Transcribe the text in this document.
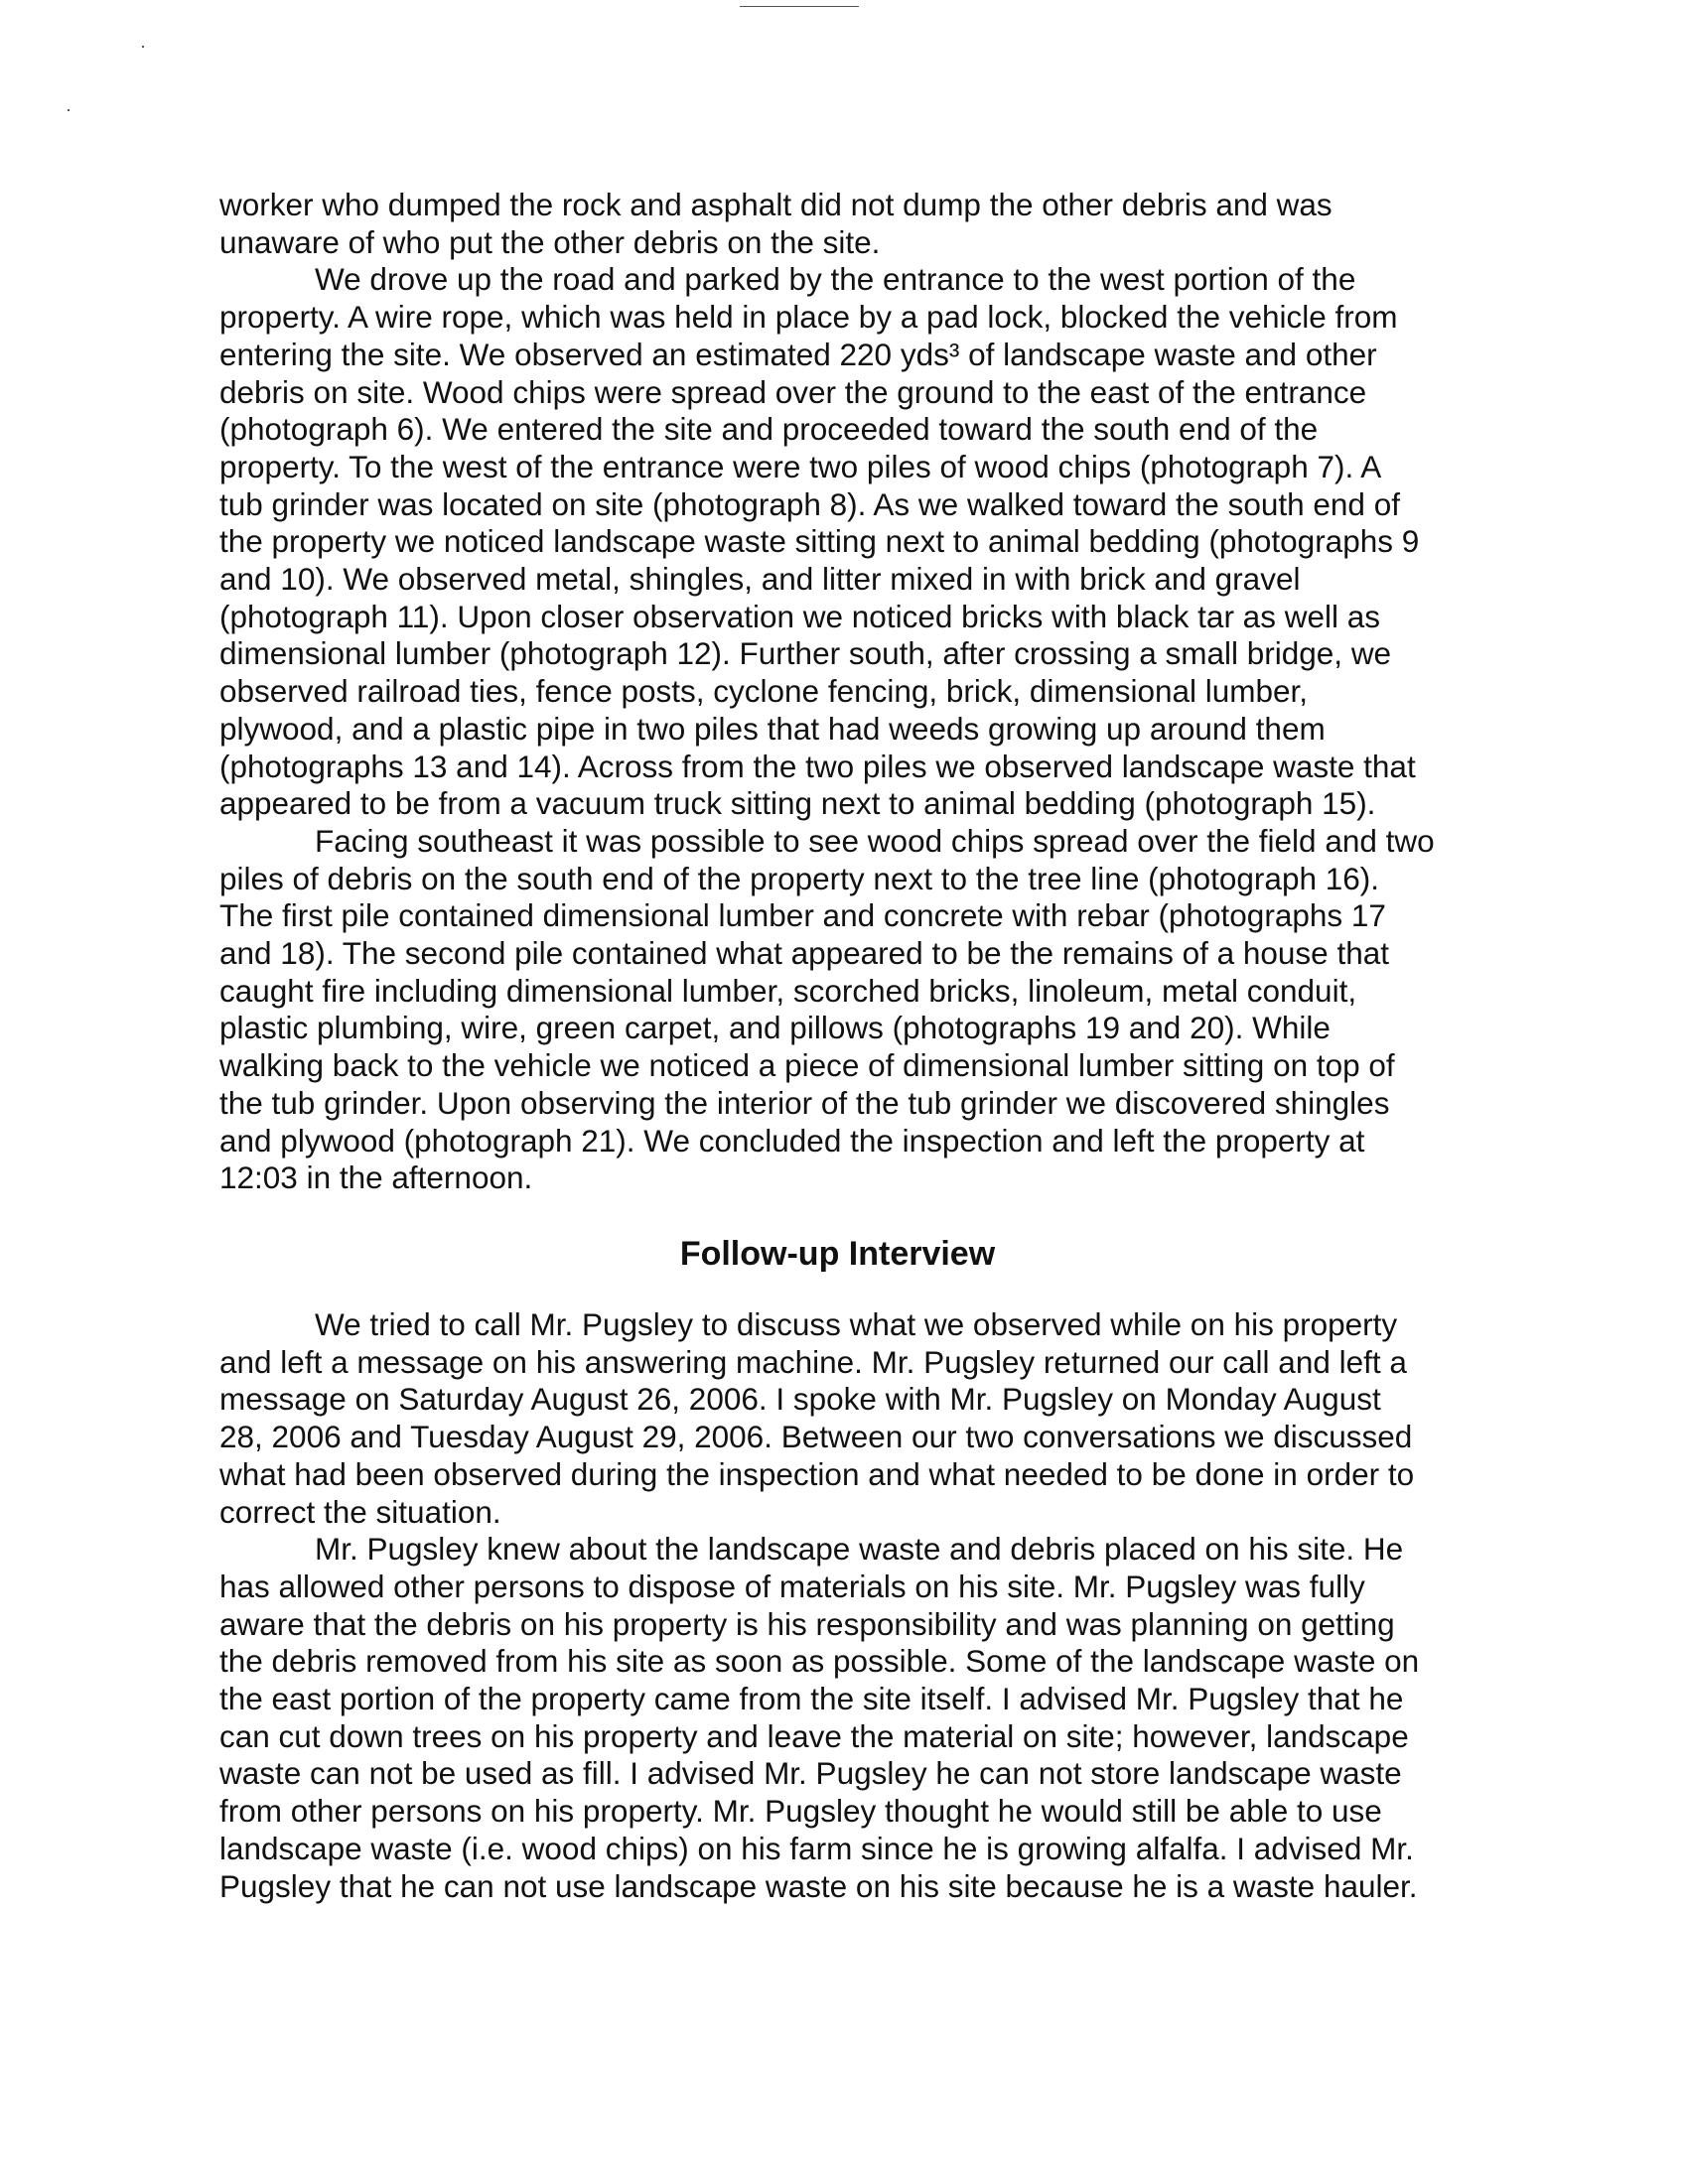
worker who dumped the rock and asphalt did not dump the other debris and was
unaware of who put the other debris on the site.

We drove up the road and parked by the entrance to the west portion of the
property. A wire rope, which was held in place by a pad lock, blocked the vehicle from
entering the site. We observed an estimated 220 yds³ of landscape waste and other
debris on site. Wood chips were spread over the ground to the east of the entrance
(photograph 6). We entered the site and proceeded toward the south end of the
property. To the west of the entrance were two piles of wood chips (photograph 7). A
tub grinder was located on site (photograph 8). As we walked toward the south end of
the property we noticed landscape waste sitting next to animal bedding (photographs 9
and 10). We observed metal, shingles, and litter mixed in with brick and gravel
(photograph 11). Upon closer observation we noticed bricks with black tar as well as
dimensional lumber (photograph 12). Further south, after crossing a small bridge, we
observed railroad ties, fence posts, cyclone fencing, brick, dimensional lumber,
plywood, and a plastic pipe in two piles that had weeds growing up around them
(photographs 13 and 14). Across from the two piles we observed landscape waste that
appeared to be from a vacuum truck sitting next to animal bedding (photograph 15).

Facing southeast it was possible to see wood chips spread over the field and two
piles of debris on the south end of the property next to the tree line (photograph 16).
The first pile contained dimensional lumber and concrete with rebar (photographs 17
and 18). The second pile contained what appeared to be the remains of a house that
caught fire including dimensional lumber, scorched bricks, linoleum, metal conduit,
plastic plumbing, wire, green carpet, and pillows (photographs 19 and 20). While
walking back to the vehicle we noticed a piece of dimensional lumber sitting on top of
the tub grinder. Upon observing the interior of the tub grinder we discovered shingles
and plywood (photograph 21). We concluded the inspection and left the property at
12:03 in the afternoon.

Follow-up Interview

We tried to call Mr. Pugsley to discuss what we observed while on his property
and left a message on his answering machine. Mr. Pugsley returned our call and left a
message on Saturday August 26, 2006. I spoke with Mr. Pugsley on Monday August
28, 2006 and Tuesday August 29, 2006. Between our two conversations we discussed
what had been observed during the inspection and what needed to be done in order to
correct the situation.

Mr. Pugsley knew about the landscape waste and debris placed on his site. He
has allowed other persons to dispose of materials on his site. Mr. Pugsley was fully
aware that the debris on his property is his responsibility and was planning on getting
the debris removed from his site as soon as possible. Some of the landscape waste on
the east portion of the property came from the site itself. I advised Mr. Pugsley that he
can cut down trees on his property and leave the material on site; however, landscape
waste can not be used as fill. I advised Mr. Pugsley he can not store landscape waste
from other persons on his property. Mr. Pugsley thought he would still be able to use
landscape waste (i.e. wood chips) on his farm since he is growing alfalfa. I advised Mr.
Pugsley that he can not use landscape waste on his site because he is a waste hauler.
